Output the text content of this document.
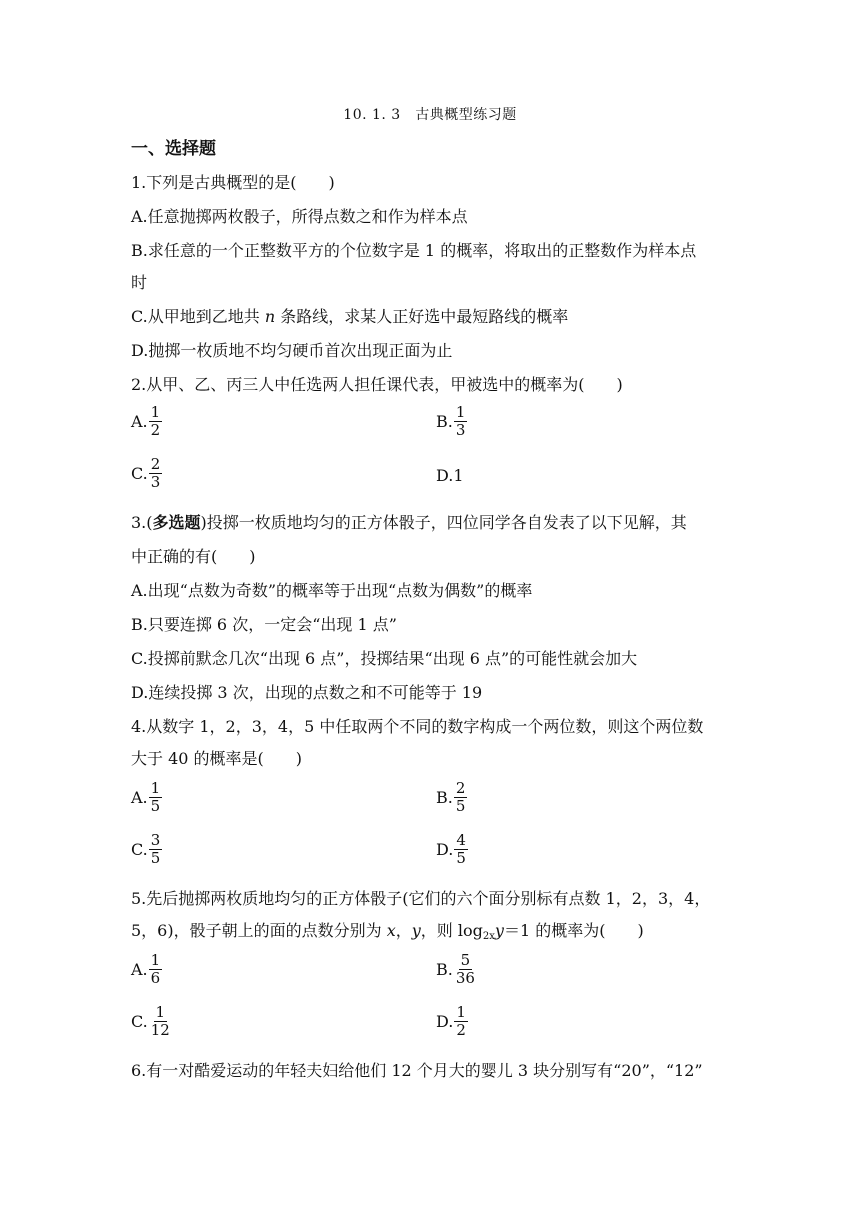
10. 1. 3　古典概型练习题
一、选择题
1.下列是古典概型的是(　　)
A.任意抛掷两枚骰子，所得点数之和作为样本点
B.求任意的一个正整数平方的个位数字是 1 的概率，将取出的正整数作为样本点
时
C.从甲地到乙地共 n 条路线，求某人正好选中最短路线的概率
D.抛掷一枚质地不均匀硬币首次出现正面为止
2.从甲、乙、丙三人中任选两人担任课代表，甲被选中的概率为(　　)
A. $\frac{1}{2}$	B. $\frac{1}{3}$
C. $\frac{2}{3}$	D.1
3.(多选题)投掷一枚质地均匀的正方体骰子，四位同学各自发表了以下见解，其
中正确的有(　　)
A.出现“点数为奇数”的概率等于出现“点数为偶数”的概率
B.只要连掷 6 次，一定会“出现 1 点”
C.投掷前默念几次“出现 6 点”，投掷结果“出现 6 点”的可能性就会加大
D.连续投掷 3 次，出现的点数之和不可能等于 19
4.从数字 1，2，3，4，5 中任取两个不同的数字构成一个两位数，则这个两位数
大于 40 的概率是(　　)
A. $\frac{1}{5}$	B. $\frac{2}{5}$
C. $\frac{3}{5}$	D. $\frac{4}{5}$
5.先后抛掷两枚质地均匀的正方体骰子(它们的六个面分别标有点数 1，2，3，4，
5，6)，骰子朝上的面的点数分别为 x，y，则 $\log_{2x}y=1$ 的概率为(　　)
A. $\frac{1}{6}$	B. $\frac{5}{36}$
C. $\frac{1}{12}$	D. $\frac{1}{2}$
6.有一对酷爱运动的年轻夫妇给他们 12 个月大的婴儿 3 块分别写有“20”，“12”
